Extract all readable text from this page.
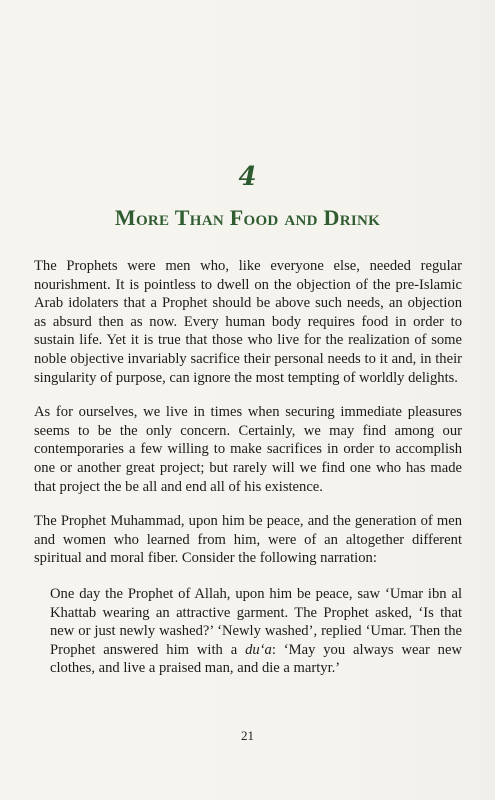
4
More Than Food and Drink

The Prophets were men who, like everyone else, needed regular nourishment. It is pointless to dwell on the objection of the pre-Islamic Arab idolaters that a Prophet should be above such needs, an objection as absurd then as now. Every human body requires food in order to sustain life. Yet it is true that those who live for the realization of some noble objective invariably sacrifice their personal needs to it and, in their singularity of purpose, can ignore the most tempting of worldly delights.

As for ourselves, we live in times when securing immediate pleasures seems to be the only concern. Certainly, we may find among our contemporaries a few willing to make sacrifices in order to accomplish one or another great project; but rarely will we find one who has made that project the be all and end all of his existence.

The Prophet Muhammad, upon him be peace, and the generation of men and women who learned from him, were of an altogether different spiritual and moral fiber. Consider the following narration:

One day the Prophet of Allah, upon him be peace, saw ‘Umar ibn al Khattab wearing an attractive garment. The Prophet asked, ‘Is that new or just newly washed?’ ‘Newly washed’, replied ‘Umar. Then the Prophet answered him with a du‘a: ‘May you always wear new clothes, and live a praised man, and die a martyr.’

21
